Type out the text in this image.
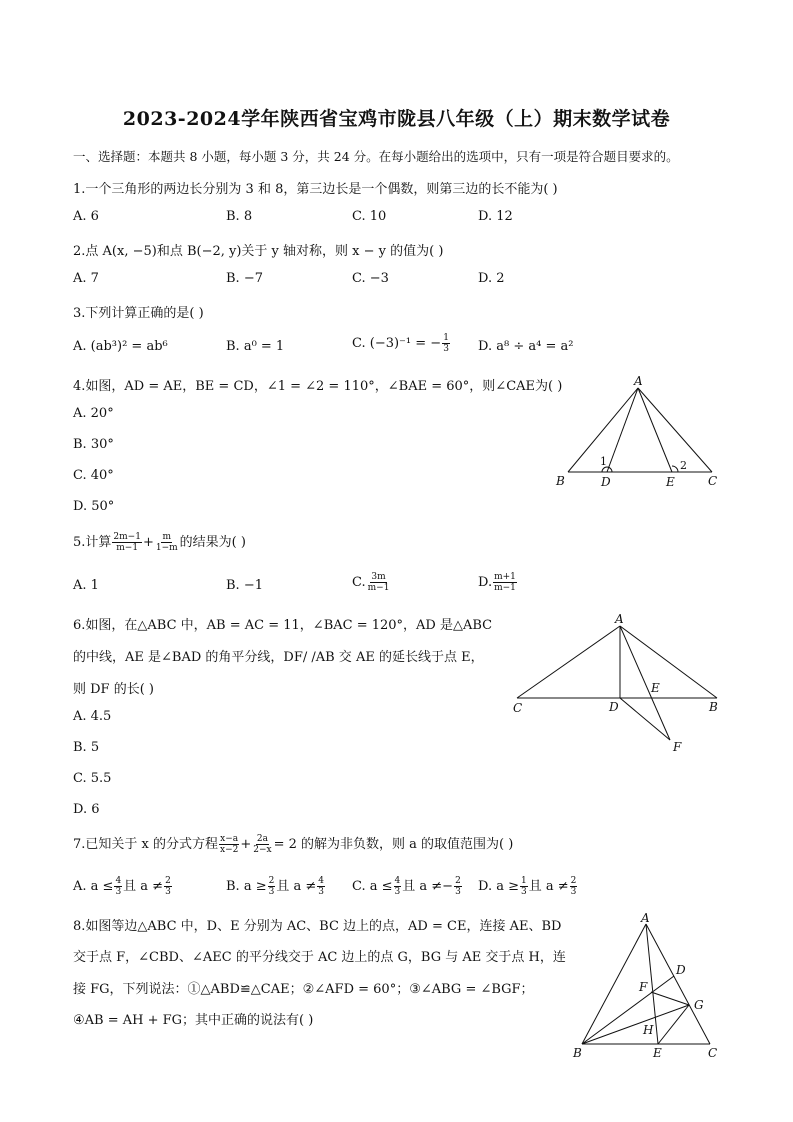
2023-2024学年陕西省宝鸡市陇县八年级（上）期末数学试卷
一、选择题：本题共 8 小题，每小题 3 分，共 24 分。在每小题给出的选项中，只有一项是符合题目要求的。
1.一个三角形的两边长分别为 3 和 8，第三边长是一个偶数，则第三边的长不能为( )
A. 6	B. 8	C. 10	D. 12
2.点 A(x, −5)和点 B(−2, y)关于 y 轴对称，则 x − y 的值为( )
A. 7	B. −7	C. −3	D. 2
3.下列计算正确的是( )
A. (ab³)² = ab⁶	B. a⁰ = 1	C. (−3)⁻¹ = − $\frac{1}{3} D$. a⁸ ÷ a⁴ = a²
4.如图，AD = AE，BE = CD，∠1 = ∠2 = 110°，∠BAE = 60°，则∠CAE为( )
A. 20°
B. 30°
C. 40°
D. 50°
A
B	C
D	E
1	2
5.计算 $\frac{2m-1}{m-1} + \frac{m}{1-m}$ 的结果为( )
A. 1	B. −1	C. $\frac{3m}{m-1}$	D. $\frac{m+1}{m-1}$
6.如图，在△ABC 中，AB = AC = 11，∠BAC = 120°，AD 是△ABC
的中线，AE 是∠BAD 的角平分线，DF/ /AB 交 AE 的延长线于点 E，
则 DF 的长( )
A. 4.5
B. 5
C. 5.5
D. 6
A
B
C	D
E
F
7.已知关于 x 的分式方程 $\frac{x-a}{x-2} + \frac{2a}{2-x} = 2$ 的解为非负数，则 a 的取值范围为( )
A. $a \le \frac{4}{3}$ 且 $a \ne \frac{2}{3}$	B. $a \ge \frac{2}{3}$ 且 $a \ne \frac{4}{3} C$. $a \le \frac{4}{3}$ 且 $a \ne- \frac{2}{3} D$. $a \ge \frac{1}{3}$ 且 $a \ne \frac{2}{3}$
8.如图等边△ABC 中，D、E 分别为 AC、BC 边上的点，AD = CE，连接 AE、BD
交于点 F，∠CBD、∠AEC 的平分线交于 AC 边上的点 G，BG 与 AE 交于点 H，连
接 FG，下列说法：①△ABD≌△CAE；②∠AFD = 60°；③∠ABG = ∠BGF；
④AB = AH + FG；其中正确的说法有( )
A
B	C
D
E
F
G
H
